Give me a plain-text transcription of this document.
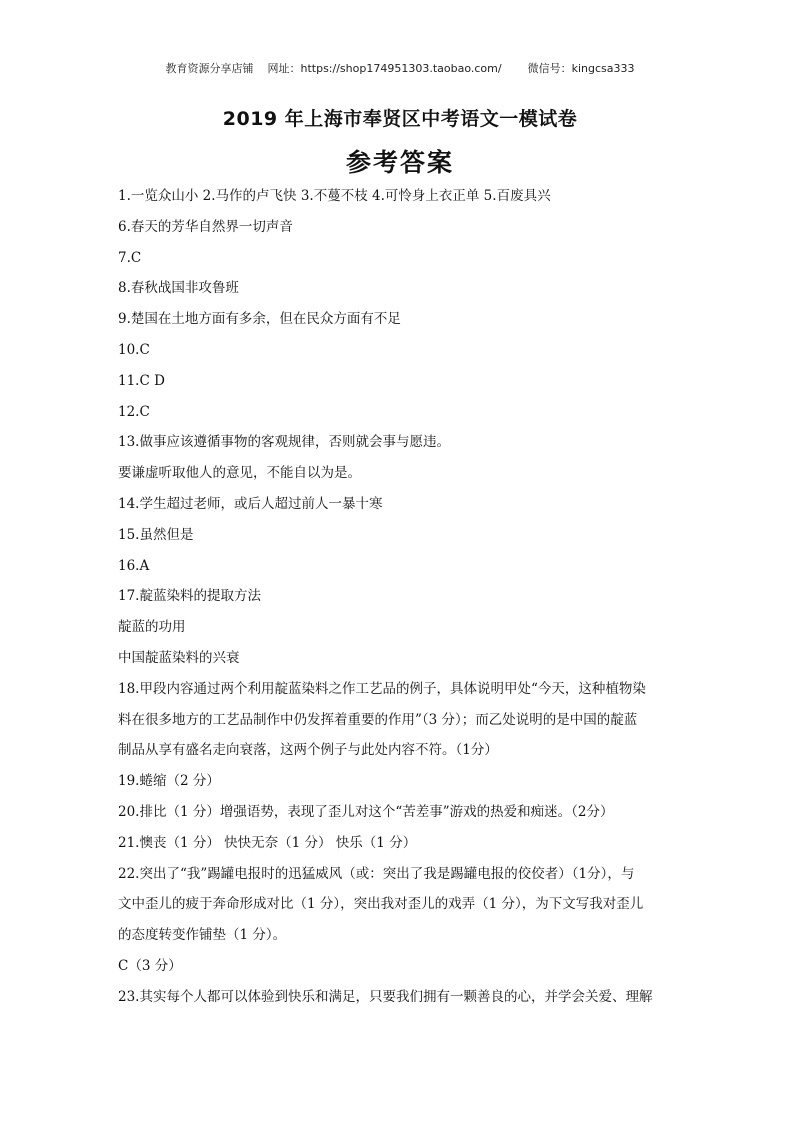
教育资源分享店铺 网址：https://shop174951303.taobao.com/ 微信号：kingcsa333
2019 年上海市奉贤区中考语文一模试卷
参考答案
1.一览众山小 2.马作的卢飞快 3.不蔓不枝 4.可怜身上衣正单 5.百废具兴
6.春天的芳华自然界一切声音
7.C
8.春秋战国非攻鲁班
9.楚国在土地方面有多余，但在民众方面有不足
10.C
11.C D
12.C
13.做事应该遵循事物的客观规律，否则就会事与愿违。
要谦虚听取他人的意见，不能自以为是。
14.学生超过老师，或后人超过前人一暴十寒
15.虽然但是
16.A
17.靛蓝染料的提取方法
靛蓝的功用
中国靛蓝染料的兴衰
18.甲段内容通过两个利用靛蓝染料之作工艺品的例子，具体说明甲处“今天，这种植物染
料在很多地方的工艺品制作中仍发挥着重要的作用”（3 分）；而乙处说明的是中国的靛蓝
制品从享有盛名走向衰落，这两个例子与此处内容不符。（1分）
19.蜷缩（2 分）
20.排比（1 分）增强语势，表现了歪儿对这个“苦差事”游戏的热爱和痴迷。（2分）
21.懊丧（1 分） 快快无奈（1 分） 快乐（1 分）
22.突出了“我”踢罐电报时的迅猛威风（或：突出了我是踢罐电报的佼佼者）（1分），与
文中歪儿的疲于奔命形成对比（1 分），突出我对歪儿的戏弄（1 分），为下文写我对歪儿
的态度转变作铺垫（1 分）。
C（3 分）
23.其实每个人都可以体验到快乐和满足，只要我们拥有一颗善良的心，并学会关爱、理解
